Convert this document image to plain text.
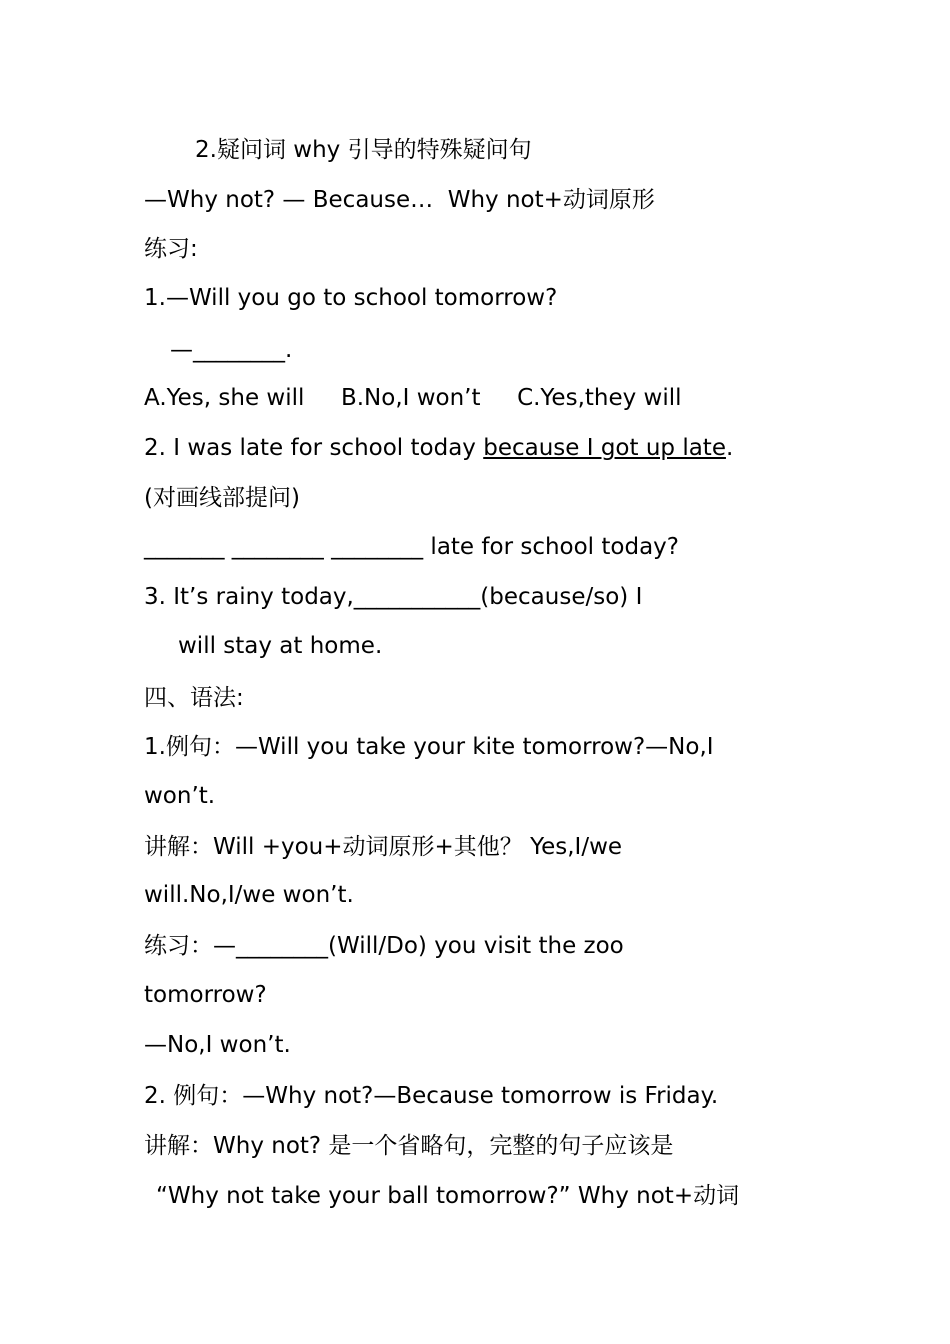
2.疑问词 why 引导的特殊疑问句
—Why not? — Because…  Why not+动词原形
练习:
1.—Will you go to school tomorrow?
—________.
A.Yes, she will     B.No,I won’t     C.Yes,they will
2. I was late for school today because I got up late.
(对画线部提问)
_______ ________ ________ late for school today?
3. It’s rainy today,___________(because/so) I
will stay at home.
四、语法:
1.例句：—Will you take your kite tomorrow?—No,I
won’t.
讲解：Will +you+动词原形+其他？ Yes,I/we
will.No,I/we won’t.
练习：—________(Will/Do) you visit the zoo
tomorrow?
—No,I won’t.
2. 例句：—Why not?—Because tomorrow is Friday.
讲解：Why not? 是一个省略句，完整的句子应该是
“Why not take your ball tomorrow?” Why not+动词
